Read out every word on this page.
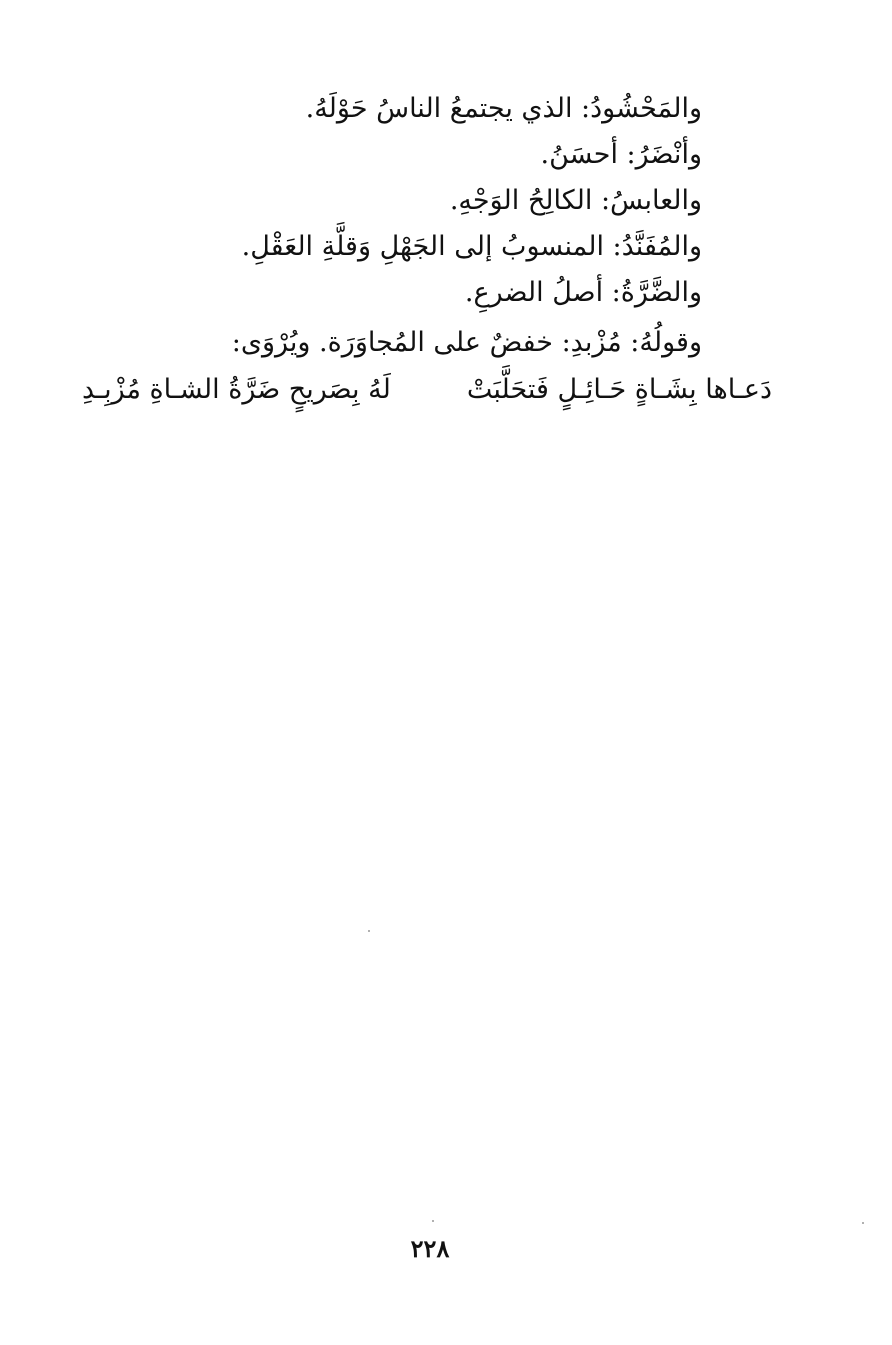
والمَحْشُودُ: الذي يجتمعُ الناسُ حَوْلَهُ.
وأنْضَرُ: أحسَنُ.
والعابسُ: الكالِحُ الوَجْهِ.
والمُفَنَّدُ: المنسوبُ إلى الجَهْلِ وَقلَّةِ العَقْلِ.
والضَّرَّةُ: أصلُ الضرعِ.
وقولُهُ: مُزْبدِ: خفضٌ على المُجاوَرَة. ويُرْوَى:
دَعـاها بِشَـاةٍ حَـائِـلٍ فَتحَلَّبَتْ
لَهُ بِصَريحٍ ضَرَّةُ الشـاةِ مُزْبِـدِ
٢٢٨
